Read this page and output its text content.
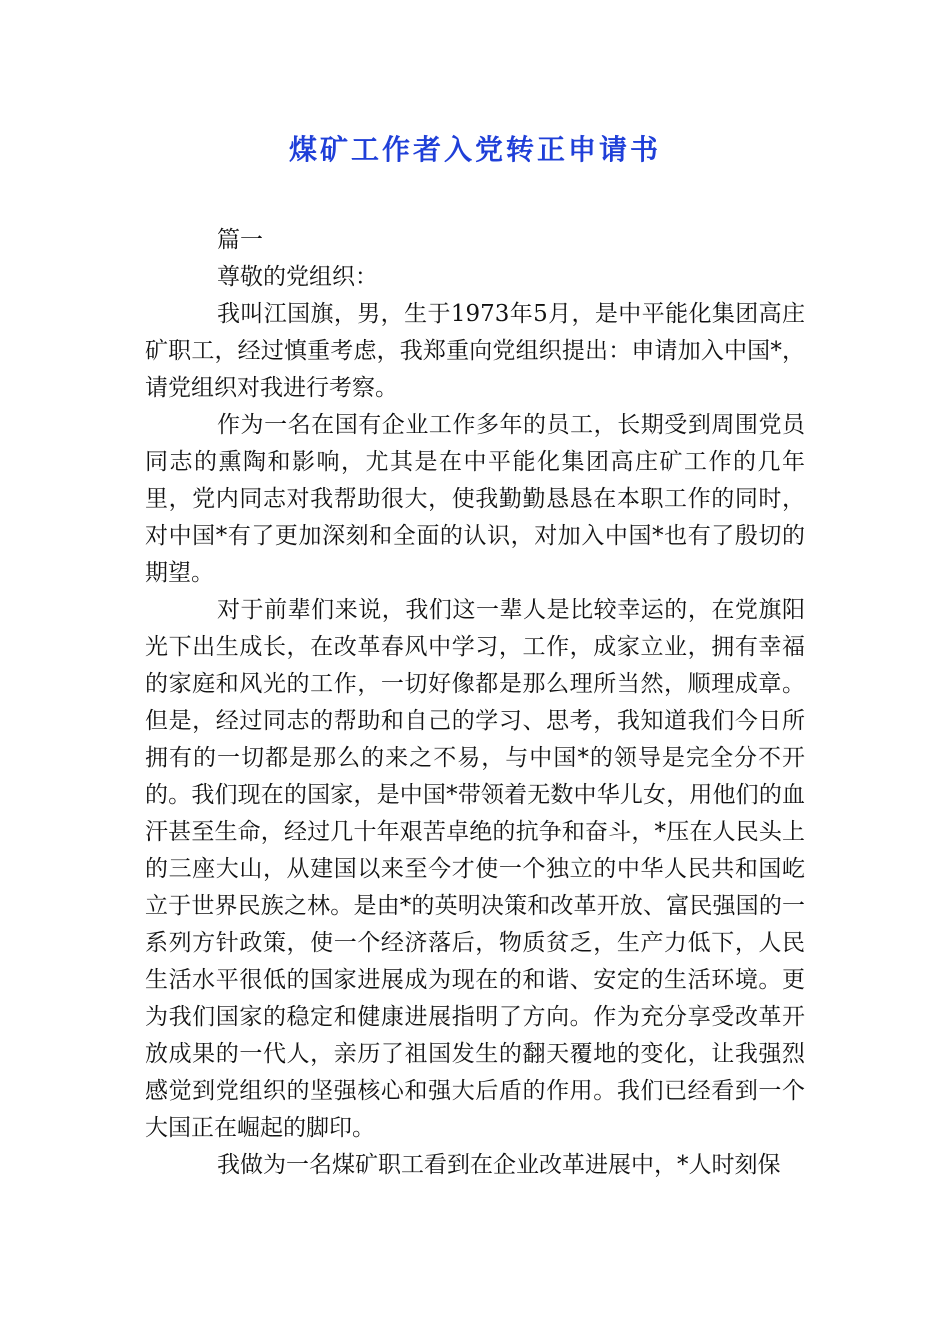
煤矿工作者入党转正申请书

篇一

尊敬的党组织：

我叫江国旗，男，生于1973年5月，是中平能化集团高庄矿职工，经过慎重考虑，我郑重向党组织提出：申请加入中国*，请党组织对我进行考察。

作为一名在国有企业工作多年的员工，长期受到周围党员同志的熏陶和影响，尤其是在中平能化集团高庄矿工作的几年里，党内同志对我帮助很大，使我勤勤恳恳在本职工作的同时，对中国*有了更加深刻和全面的认识，对加入中国*也有了殷切的期望。

对于前辈们来说，我们这一辈人是比较幸运的，在党旗阳光下出生成长，在改革春风中学习，工作，成家立业，拥有幸福的家庭和风光的工作，一切好像都是那么理所当然，顺理成章。但是，经过同志的帮助和自己的学习、思考，我知道我们今日所拥有的一切都是那么的来之不易，与中国*的领导是完全分不开的。我们现在的国家，是中国*带领着无数中华儿女，用他们的血汗甚至生命，经过几十年艰苦卓绝的抗争和奋斗，*压在人民头上的三座大山，从建国以来至今才使一个独立的中华人民共和国屹立于世界民族之林。是由*的英明决策和改革开放、富民强国的一系列方针政策，使一个经济落后，物质贫乏，生产力低下，人民生活水平很低的国家进展成为现在的和谐、安定的生活环境。更为我们国家的稳定和健康进展指明了方向。作为充分享受改革开放成果的一代人，亲历了祖国发生的翻天覆地的变化，让我强烈感觉到党组织的坚强核心和强大后盾的作用。我们已经看到一个大国正在崛起的脚印。

我做为一名煤矿职工看到在企业改革进展中，*人时刻保
